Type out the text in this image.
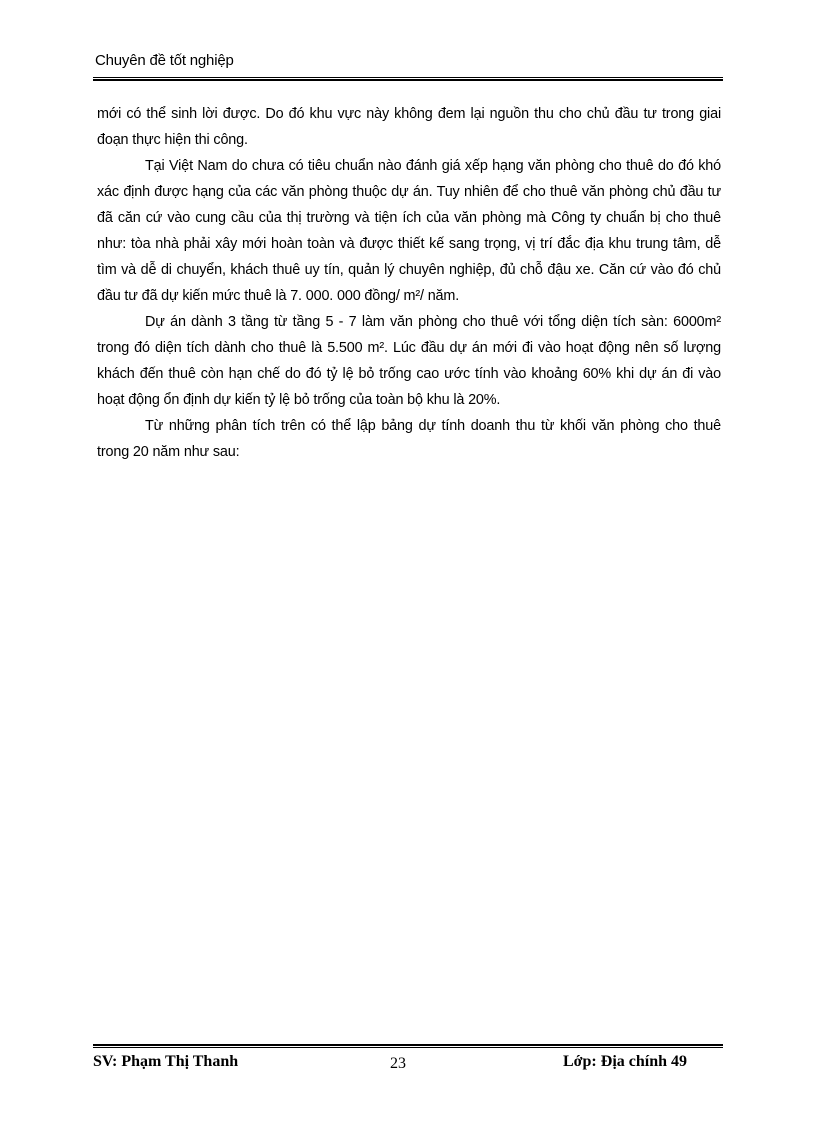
Chuyên đề tốt nghiệp

mới có thể sinh lời được. Do đó khu vực này không đem lại nguồn thu cho chủ đầu tư trong giai đoạn thực hiện thi công.

Tại Việt Nam do chưa có tiêu chuẩn nào đánh giá xếp hạng văn phòng cho thuê do đó khó xác định được hạng của các văn phòng thuộc dự án. Tuy nhiên để cho thuê văn phòng chủ đầu tư đã căn cứ vào cung cầu của thị trường và tiện ích của văn phòng mà Công ty chuẩn bị cho thuê như: tòa nhà phải xây mới hoàn toàn và được thiết kế sang trọng, vị trí đắc địa khu trung tâm, dễ tìm và dễ di chuyển, khách thuê uy tín, quản lý chuyên nghiệp, đủ chỗ đậu xe. Căn cứ vào đó chủ đầu tư đã dự kiến mức thuê là 7. 000. 000 đồng/ m²/ năm.

Dự án dành 3 tầng từ tầng 5 - 7 làm văn phòng cho thuê với tổng diện tích sàn: 6000m² trong đó diện tích dành cho thuê là 5.500 m². Lúc đầu dự án mới đi vào hoạt động nên số lượng khách đến thuê còn hạn chế do đó tỷ lệ bỏ trống cao ước tính vào khoảng 60% khi dự án đi vào hoạt động ổn định dự kiến tỷ lệ bỏ trống của toàn bộ khu là 20%.

Từ những phân tích trên có thể lập bảng dự tính doanh thu từ khối văn phòng cho thuê trong 20 năm như sau:

SV: Phạm Thị Thanh	23	Lớp: Địa chính 49
